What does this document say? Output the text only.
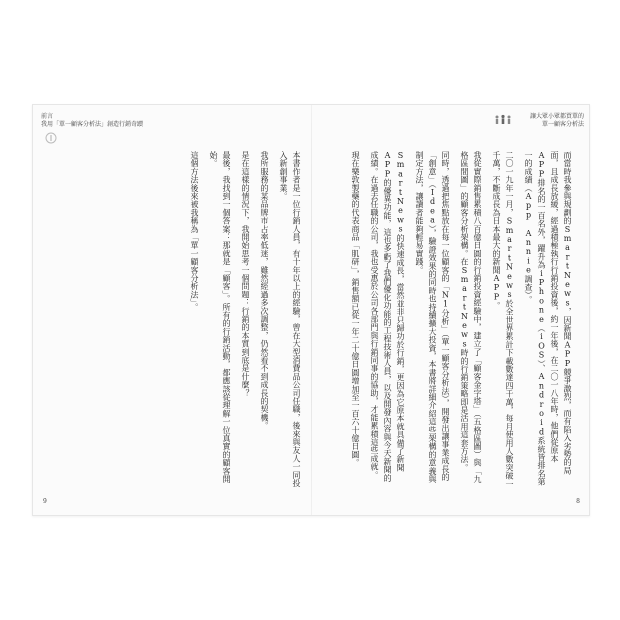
前言
我用「單一顧客分析法」創造行銷奇蹟

本書作者是一位行銷人員，有十年以上的經驗，曾在大型消費品公司任職，後來與友人一同投入新創事業。

我所服務的某品牌市占率低迷，雖然經過多次調整，仍然看不到成長的契機。

是在這樣的情況下，我開始思考一個問題：行銷的本質到底是什麼？

最後，我找到一個答案：那就是「顧客」。所有的行銷活動，都應該從理解一位真實的顧客開始。

這個方法後來被我稱為「單一顧客分析法」。

9
讓大眾小眾都買單的
單一顧客分析法

而當時我參與規劃的SmartNews，因新聞APP競爭激烈，而有陷入劣勢的局面，且成長放緩，經過積極執行行銷投資後，約一年後，在二〇一八年時，他們從原本APP排名的一百名外，躍升為iPhone（iOS）、Android系統皆排名第一的成績（App Annie調查）。

二〇一九年一月，SmartNews於全世界累計下載數達四千萬，每月使用人數突破一千萬，不斷成長為日本最大的新聞APP。

我從實際銷售累積八百億日圓的行銷投資經驗中，建立了「顧客金字塔」（五格區圖）與「九格區間圖」的顧客分析架構。在SmartNews時的行銷策略即是活用這套方法。

同時，透過把焦點放在每一位顧客的「N1分析」（單一顧客分析法），開發出讓事業成長的「創意」（Idea），驗證效果的同時也持續擴大投資，本書將詳細介紹這些架構的意義與制定方法，讓讀者能夠輕易實踐。

SmartNews的快速成長，當然並非只歸功於行銷，更因為它原本就具備了新聞APP的優異功能，這也多虧了我們優化功能的工程技術人員，以及開發內容與今天新聞的成績。在過去任職的公司，我也受惠於公司各部門與行銷同事的協助，才能累積這些成就。

現在樂敦製藥的代表商品「肌研」，銷售額已從一年二十億日圓增加至一百六十億日圓。

8
